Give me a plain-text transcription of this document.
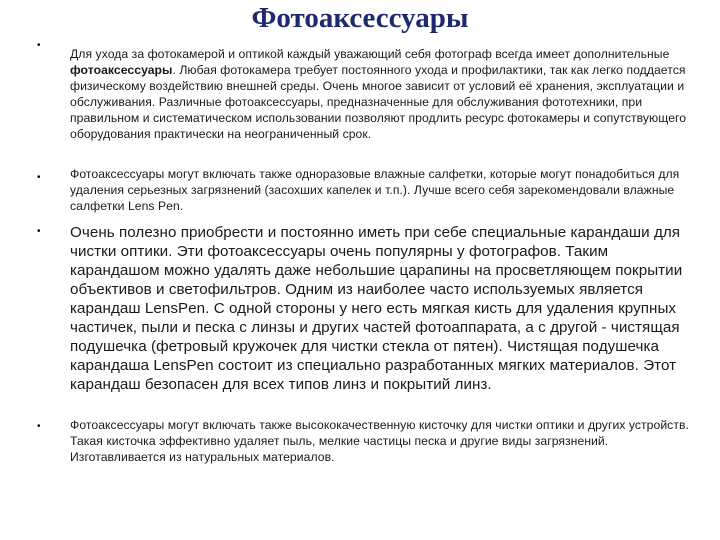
Фотоаксессуары
•

Для ухода за фотокамерой и оптикой каждый уважающий себя фотограф всегда имеет дополнительные фотоаксессуары. Любая фотокамера требует постоянного ухода и профилактики, так как легко поддается физическому воздействию внешней среды. Очень многое зависит от условий её хранения, эксплуатации и обслуживания. Различные фотоаксессуары, предназначенные для обслуживания фототехники, при правильном и систематическом использовании позволяют продлить ресурс фотокамеры и сопутствующего оборудования практически на неограниченный срок.

• Фотоаксессуары могут включать также одноразовые влажные салфетки, которые могут понадобиться для удаления серьезных загрязнений (засохших капелек и т.п.). Лучше всего себя зарекомендовали влажные салфетки Lens Pen.

• Очень полезно приобрести и постоянно иметь при себе специальные карандаши для чистки оптики. Эти фотоаксессуары очень популярны у фотографов. Таким карандашом можно удалять даже небольшие царапины на просветляющем покрытии объективов и светофильтров. Одним из наиболее часто используемых является карандаш LensPen. С одной стороны у него есть мягкая кисть для удаления крупных частичек, пыли и песка с линзы и других частей фотоаппарата, а с другой - чистящая подушечка (фетровый кружочек для чистки стекла от пятен). Чистящая подушечка карандаша LensPen состоит из специально разработанных мягких материалов. Этот карандаш безопасен для всех типов линз и покрытий линз.

• Фотоаксессуары могут включать также высококачественную кисточку для чистки оптики и других устройств. Такая кисточка эффективно удаляет пыль, мелкие частицы песка и другие виды загрязнений. Изготавливается из натуральных материалов.
